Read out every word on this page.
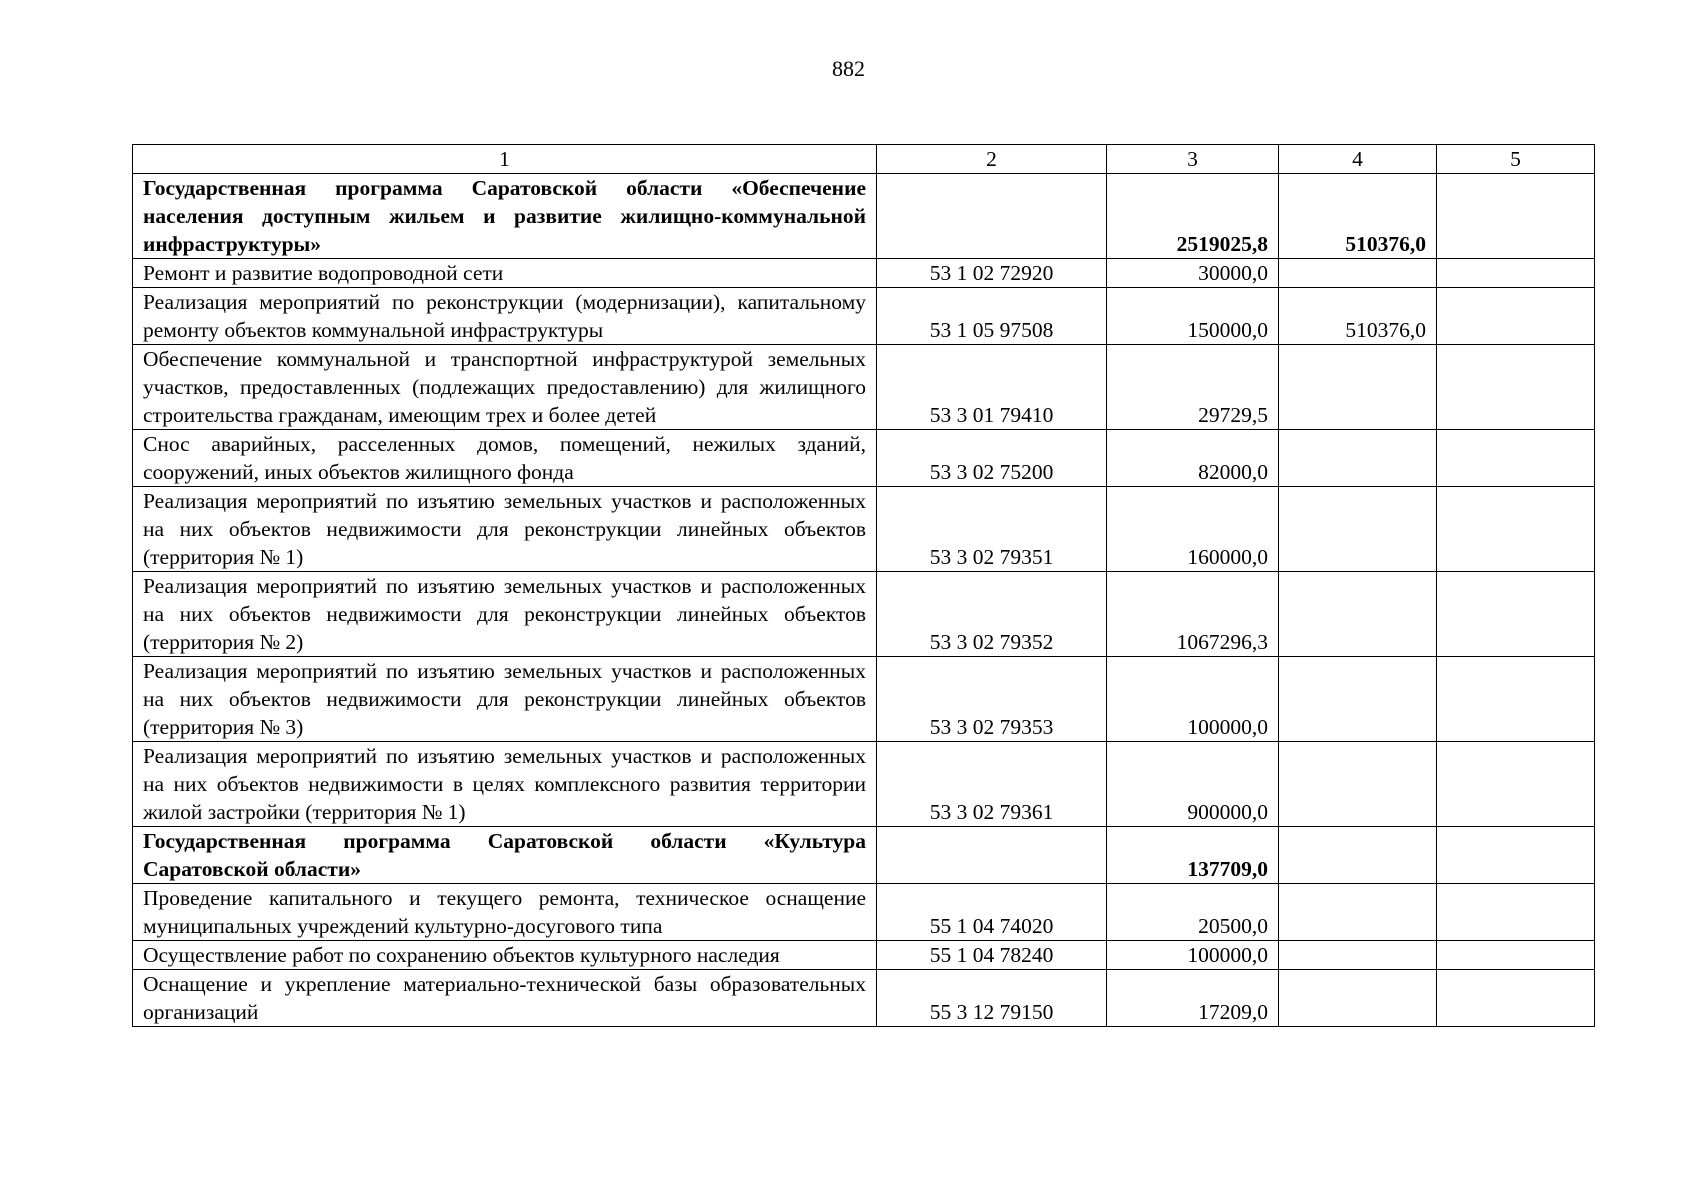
882
1	2	3	4	5
Государственная программа Саратовской области «Обеспечение населения доступным жильем и развитие жилищно-коммунальной инфраструктуры»		2519025,8	510376,0	
Ремонт и развитие водопроводной сети	53 1 02 72920	30000,0		
Реализация мероприятий по реконструкции (модернизации), капитальному ремонту объектов коммунальной инфраструктуры	53 1 05 97508	150000,0	510376,0	
Обеспечение коммунальной и транспортной инфраструктурой земельных участков, предоставленных (подлежащих предоставлению) для жилищного строительства гражданам, имеющим трех и более детей	53 3 01 79410	29729,5		
Снос аварийных, расселенных домов, помещений, нежилых зданий, сооружений, иных объектов жилищного фонда	53 3 02 75200	82000,0		
Реализация мероприятий по изъятию земельных участков и расположенных на них объектов недвижимости для реконструкции линейных объектов (территория № 1)	53 3 02 79351	160000,0		
Реализация мероприятий по изъятию земельных участков и расположенных на них объектов недвижимости для реконструкции линейных объектов (территория № 2)	53 3 02 79352	1067296,3		
Реализация мероприятий по изъятию земельных участков и расположенных на них объектов недвижимости для реконструкции линейных объектов (территория № 3)	53 3 02 79353	100000,0		
Реализация мероприятий по изъятию земельных участков и расположенных на них объектов недвижимости в целях комплексного развития территории жилой застройки (территория № 1)	53 3 02 79361	900000,0		
Государственная программа Саратовской области «Культура Саратовской области»		137709,0		
Проведение капитального и текущего ремонта, техническое оснащение муниципальных учреждений культурно-досугового типа	55 1 04 74020	20500,0		
Осуществление работ по сохранению объектов культурного наследия	55 1 04 78240	100000,0		
Оснащение и укрепление материально-технической базы образовательных организаций	55 3 12 79150	17209,0		
